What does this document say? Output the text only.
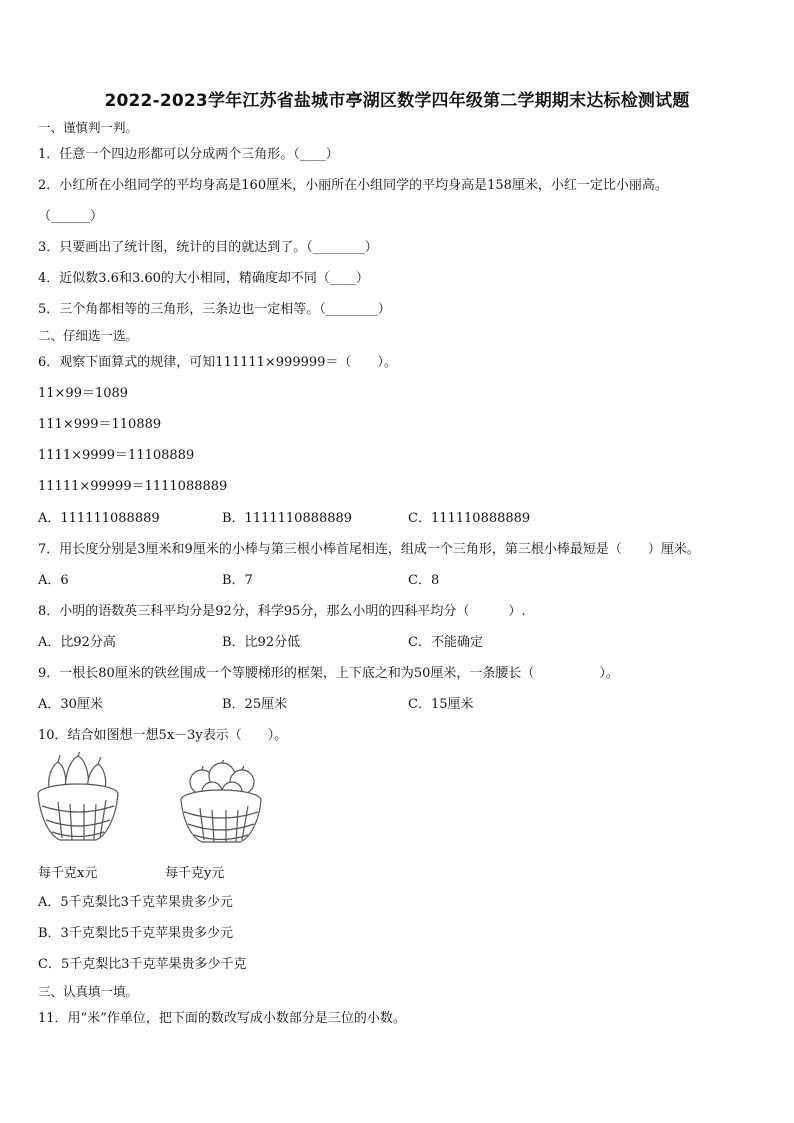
2022-2023学年江苏省盐城市亭湖区数学四年级第二学期期末达标检测试题
一、谨慎判一判。
1．任意一个四边形都可以分成两个三角形。（____）
2．小红所在小组同学的平均身高是160厘米，小丽所在小组同学的平均身高是158厘米，小红一定比小丽高。
（______）
3．只要画出了统计图，统计的目的就达到了。（________）
4．近似数3.6和3.60的大小相同，精确度却不同（____）
5．三个角都相等的三角形，三条边也一定相等。（________）
二、仔细选一选。
6．观察下面算式的规律，可知111111×999999＝（　　）。
11×99＝1089
111×999＝110889
1111×9999＝11108889
11111×99999＝1111088889
A．111111088889	B．1111110888889	C．111110888889
7．用长度分别是3厘米和9厘米的小棒与第三根小棒首尾相连，组成一个三角形，第三根小棒最短是（　　）厘米。
A．6	B．7	C．8
8．小明的语数英三科平均分是92分，科学95分，那么小明的四科平均分（　　　）.
A．比92分高	B．比92分低	C．不能确定
9．一根长80厘米的铁丝围成一个等腰梯形的框架，上下底之和为50厘米，一条腰长（　　　　　）。
A．30厘米	B．25厘米	C．15厘米
10．结合如图想一想5x－3y表示（　　）。
每千克x元	每千克y元
A．5千克梨比3千克苹果贵多少元
B．3千克梨比5千克苹果贵多少元
C．5千克梨比3千克苹果贵多少千克
三、认真填一填。
11．用“米”作单位，把下面的数改写成小数部分是三位的小数。
